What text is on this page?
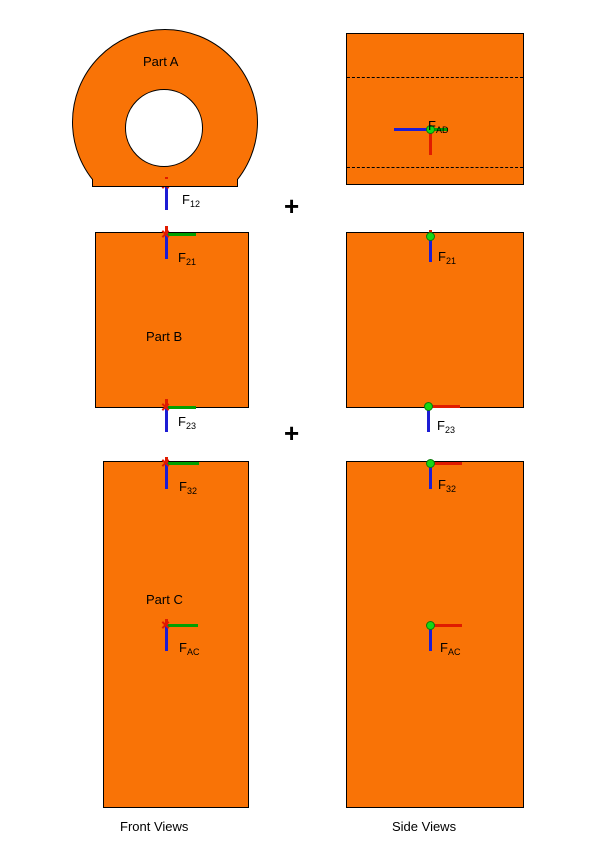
Part A
$F_{12}$
$F_{AD}$
+
Part B
$F_{21}$
$F_{23}$
$F_{21}$
$F_{23}$
+
Part C
$F_{32}$
$F_{AC}$
$F_{32}$
$F_{AC}$
Front Views	Side Views
